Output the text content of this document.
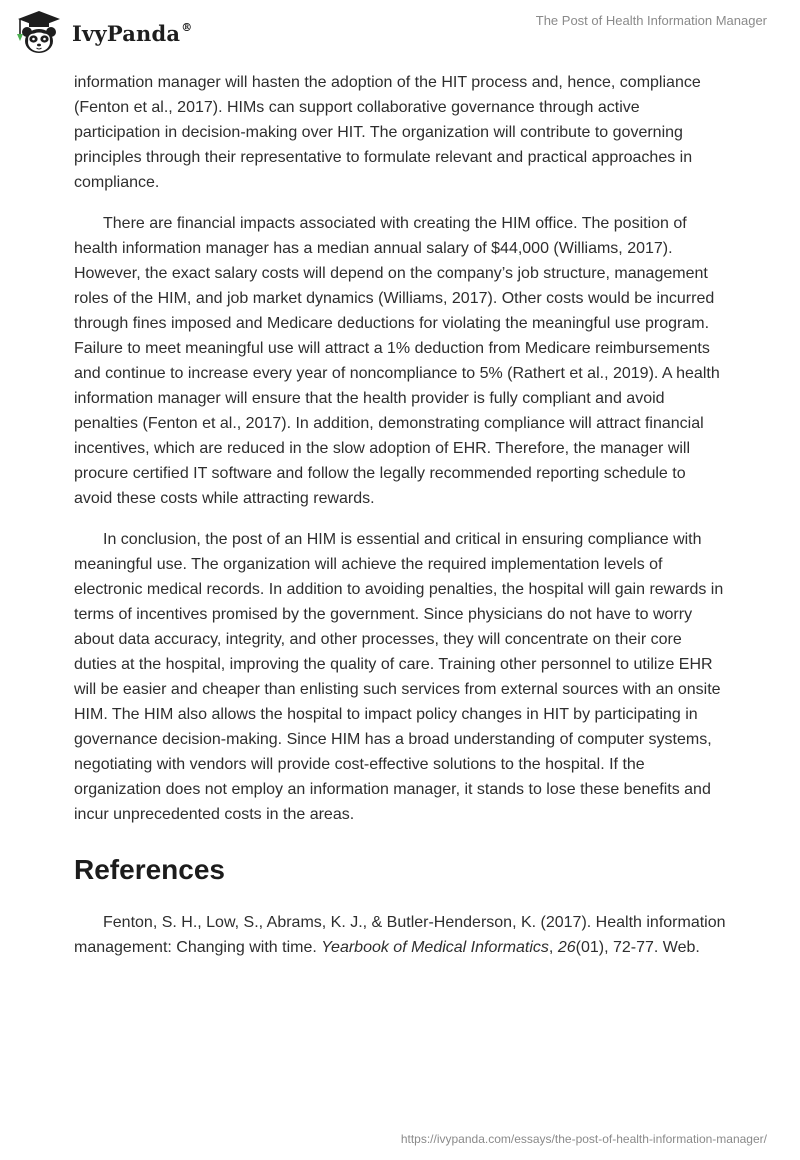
IvyPanda®	The Post of Health Information Manager

information manager will hasten the adoption of the HIT process and, hence, compliance (Fenton et al., 2017). HIMs can support collaborative governance through active participation in decision-making over HIT. The organization will contribute to governing principles through their representative to formulate relevant and practical approaches in compliance.

There are financial impacts associated with creating the HIM office. The position of health information manager has a median annual salary of $44,000 (Williams, 2017). However, the exact salary costs will depend on the company’s job structure, management roles of the HIM, and job market dynamics (Williams, 2017). Other costs would be incurred through fines imposed and Medicare deductions for violating the meaningful use program. Failure to meet meaningful use will attract a 1% deduction from Medicare reimbursements and continue to increase every year of noncompliance to 5% (Rathert et al., 2019). A health information manager will ensure that the health provider is fully compliant and avoid penalties (Fenton et al., 2017). In addition, demonstrating compliance will attract financial incentives, which are reduced in the slow adoption of EHR. Therefore, the manager will procure certified IT software and follow the legally recommended reporting schedule to avoid these costs while attracting rewards.

In conclusion, the post of an HIM is essential and critical in ensuring compliance with meaningful use. The organization will achieve the required implementation levels of electronic medical records. In addition to avoiding penalties, the hospital will gain rewards in terms of incentives promised by the government. Since physicians do not have to worry about data accuracy, integrity, and other processes, they will concentrate on their core duties at the hospital, improving the quality of care. Training other personnel to utilize EHR will be easier and cheaper than enlisting such services from external sources with an onsite HIM. The HIM also allows the hospital to impact policy changes in HIT by participating in governance decision-making. Since HIM has a broad understanding of computer systems, negotiating with vendors will provide cost-effective solutions to the hospital. If the organization does not employ an information manager, it stands to lose these benefits and incur unprecedented costs in the areas.

References

Fenton, S. H., Low, S., Abrams, K. J., & Butler-Henderson, K. (2017). Health information management: Changing with time. Yearbook of Medical Informatics, 26(01), 72-77. Web.

https://ivypanda.com/essays/the-post-of-health-information-manager/
